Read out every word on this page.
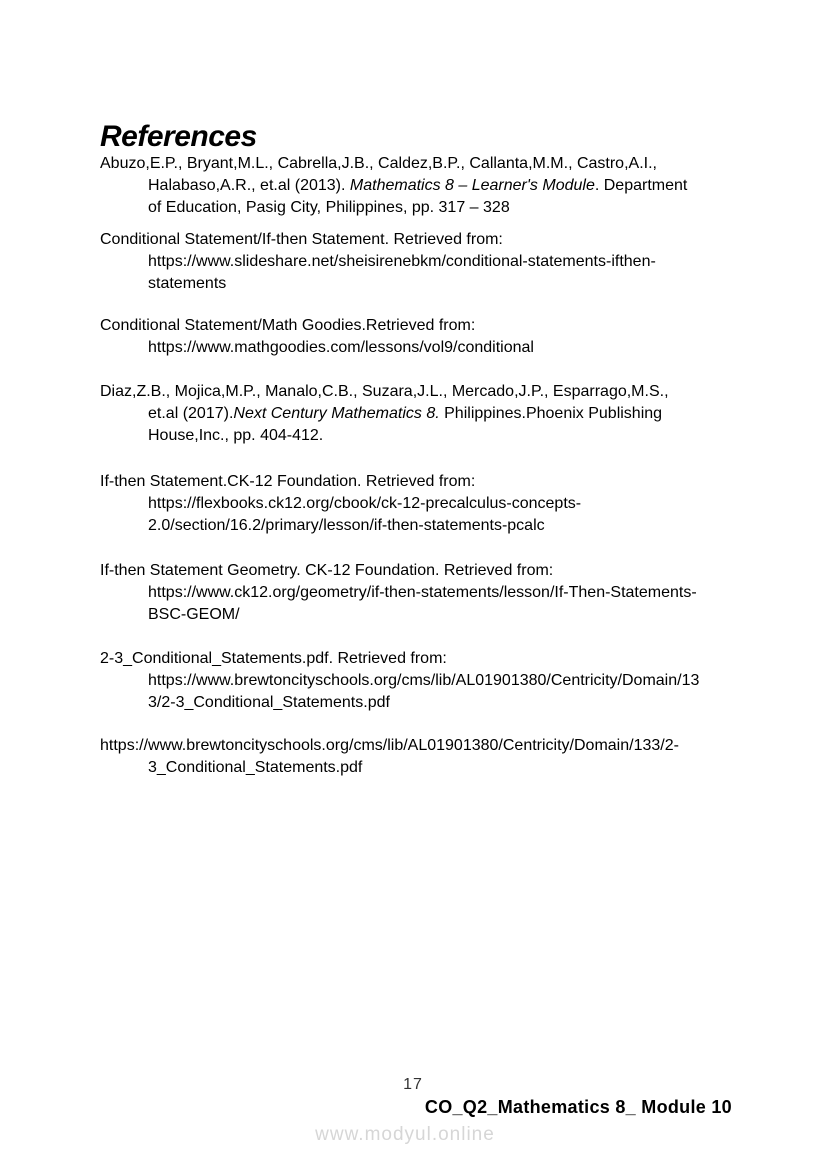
References
Abuzo,E.P., Bryant,M.L., Cabrella,J.B., Caldez,B.P., Callanta,M.M., Castro,A.I.,
Halabaso,A.R., et.al (2013). Mathematics 8 – Learner's Module. Department
of Education, Pasig City, Philippines, pp. 317 – 328
Conditional Statement/If-then Statement. Retrieved from:
https://www.slideshare.net/sheisirenebkm/conditional-statements-ifthen-
statements
Conditional Statement/Math Goodies.Retrieved from:
https://www.mathgoodies.com/lessons/vol9/conditional
Diaz,Z.B., Mojica,M.P., Manalo,C.B., Suzara,J.L., Mercado,J.P., Esparrago,M.S.,
et.al (2017).Next Century Mathematics 8. Philippines.Phoenix Publishing
House,Inc., pp. 404-412.
If-then Statement.CK-12 Foundation. Retrieved from:
https://flexbooks.ck12.org/cbook/ck-12-precalculus-concepts-
2.0/section/16.2/primary/lesson/if-then-statements-pcalc
If-then Statement Geometry. CK-12 Foundation. Retrieved from:
https://www.ck12.org/geometry/if-then-statements/lesson/If-Then-Statements-
BSC-GEOM/
2-3_Conditional_Statements.pdf. Retrieved from:
https://www.brewtoncityschools.org/cms/lib/AL01901380/Centricity/Domain/13
3/2-3_Conditional_Statements.pdf
https://www.brewtoncityschools.org/cms/lib/AL01901380/Centricity/Domain/133/2-
3_Conditional_Statements.pdf
17
CO_Q2_Mathematics 8_ Module 10
www.modyul.online
